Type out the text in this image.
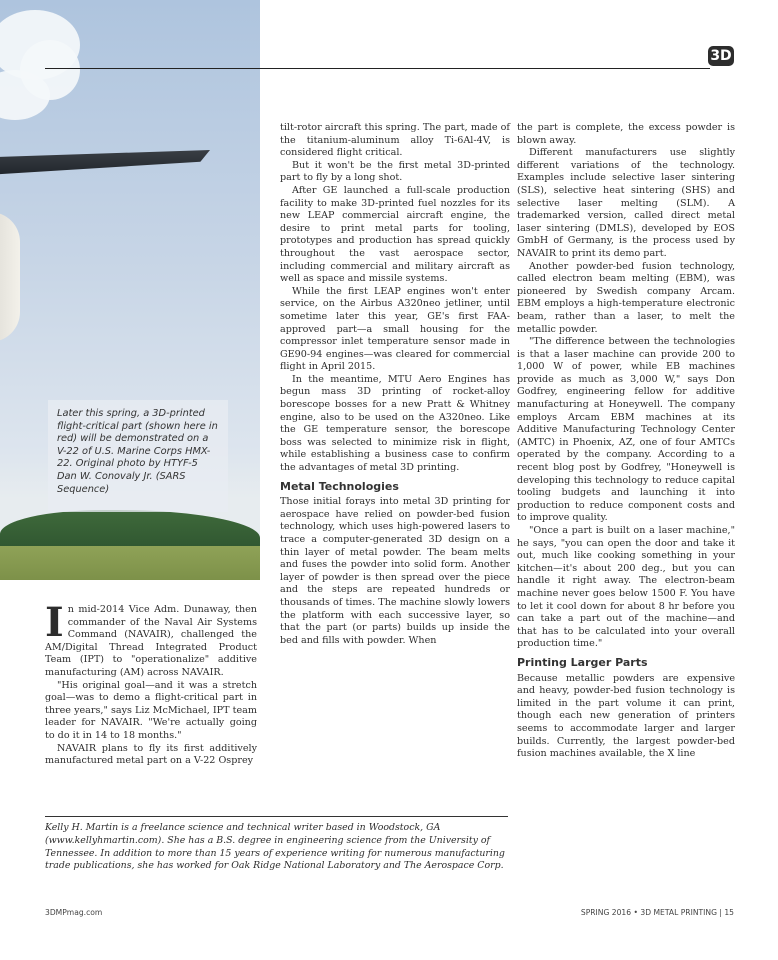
Later this spring, a 3D-printed flight-critical part (shown here in red) will be demonstrated on a V-22 of U.S. Marine Corps HMX-22. Original photo by HTYF-5 Dan W. Conovaly Jr. (SARS Sequence)
3D

In mid-2014 Vice Adm. Dunaway, then commander of the Naval Air Systems Command (NAVAIR), challenged the AM/Digital Thread Integrated Product Team (IPT) to "operationalize" additive manufacturing (AM) across NAVAIR.

"His original goal—and it was a stretch goal—was to demo a flight-critical part in three years," says Liz McMichael, IPT team leader for NAVAIR. "We're actually going to do it in 14 to 18 months."

NAVAIR plans to fly its first additively manufactured metal part on a V-22 Osprey

tilt-rotor aircraft this spring. The part, made of the titanium-aluminum alloy Ti-6Al-4V, is considered flight critical.

But it won't be the first metal 3D-printed part to fly by a long shot.

After GE launched a full-scale production facility to make 3D-printed fuel nozzles for its new LEAP commercial aircraft engine, the desire to print metal parts for tooling, prototypes and production has spread quickly throughout the vast aerospace sector, including commercial and military aircraft as well as space and missile systems.

While the first LEAP engines won't enter service, on the Airbus A320neo jetliner, until sometime later this year, GE's first FAA-approved part—a small housing for the compressor inlet temperature sensor made in GE90-94 engines—was cleared for commercial flight in April 2015.

In the meantime, MTU Aero Engines has begun mass 3D printing of rocket-alloy borescope bosses for a new Pratt & Whitney engine, also to be used on the A320neo. Like the GE temperature sensor, the borescope boss was selected to minimize risk in flight, while establishing a business case to confirm the advantages of metal 3D printing.

Metal Technologies

Those initial forays into metal 3D printing for aerospace have relied on powder-bed fusion technology, which uses high-powered lasers to trace a computer-generated 3D design on a thin layer of metal powder. The beam melts and fuses the powder into solid form. Another layer of powder is then spread over the piece and the steps are repeated hundreds or thousands of times. The machine slowly lowers the platform with each successive layer, so that the part (or parts) builds up inside the bed and fills with powder. When

the part is complete, the excess powder is blown away.

Different manufacturers use slightly different variations of the technology. Examples include selective laser sintering (SLS), selective heat sintering (SHS) and selective laser melting (SLM). A trademarked version, called direct metal laser sintering (DMLS), developed by EOS GmbH of Germany, is the process used by NAVAIR to print its demo part.

Another powder-bed fusion technology, called electron beam melting (EBM), was pioneered by Swedish company Arcam. EBM employs a high-temperature electronic beam, rather than a laser, to melt the metallic powder.

"The difference between the technologies is that a laser machine can provide 200 to 1,000 W of power, while EB machines provide as much as 3,000 W," says Don Godfrey, engineering fellow for additive manufacturing at Honeywell. The company employs Arcam EBM machines at its Additive Manufacturing Technology Center (AMTC) in Phoenix, AZ, one of four AMTCs operated by the company. According to a recent blog post by Godfrey, "Honeywell is developing this technology to reduce capital tooling budgets and launching it into production to reduce component costs and to improve quality.

"Once a part is built on a laser machine," he says, "you can open the door and take it out, much like cooking something in your kitchen—it's about 200 deg., but you can handle it right away. The electron-beam machine never goes below 1500 F. You have to let it cool down for about 8 hr before you can take a part out of the machine—and that has to be calculated into your overall production time."

Printing Larger Parts

Because metallic powders are expensive and heavy, powder-bed fusion technology is limited in the part volume it can print, though each new generation of printers seems to accommodate larger and larger builds. Currently, the largest powder-bed fusion machines available, the X line

Kelly H. Martin is a freelance science and technical writer based in Woodstock, GA (www.kellyhmartin.com). She has a B.S. degree in engineering science from the University of Tennessee. In addition to more than 15 years of experience writing for numerous manufacturing trade publications, she has worked for Oak Ridge National Laboratory and The Aerospace Corp.
3DMPmag.com	SPRING 2016 • 3D METAL PRINTING | 15
